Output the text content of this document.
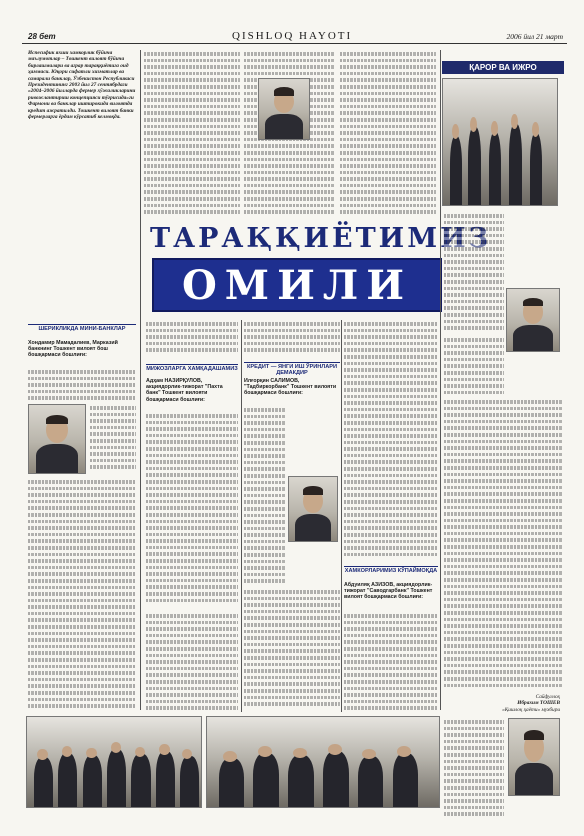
28 бет	QISHLOQ HAYOTI	2006 йил 21 март
Испесифик яхши хамкорлик бўйича маълумотлар – Тошкент вилоят бўйича бирлашмалари ва аграр тараққиётига оид ҳаммаси. Юқори сифатли хизматлар ва самарали банклар, Ўзбекистон Республикаси Президентининг 2003 йил 27 сентябрдаги «2004–2006 йилларда фермер хўжаликларини ривожлантириш концепцияси тўғрисида»ги Фармони ва банклар иштирокида вилоятда кредит ажратилди. Тошкент вилоят банки фермерларга ёрдам кўрсатиб келмоқда.
ҚАРОР ВА ИЖРО
ТАРАҚҚИЁТИМИЗ
ОМИЛИ
Сайфуллоҳ
Ибрахим ТОШЕВ
«Қишлоқ ҳаёти» мухбири
ШЕРИКЛИКДА МИНИ-БАНКЛАР
Хондамир Мамадалиев, Марказий банкнинг Тошкент вилоят бош бошқармаси бошлиғи:
МИЖОЗЛАРГА ХАМҚАДАШАМИЗ
Адҳам НАЗИРҚУЛОВ, акциядорлик-тижорат "Пахта банк" Тошкент вилояти бошқармаси бошлиғи:
КРЕДИТ — ЯНГИ ИШ ЎРИНЛАРИ ДЕМАКДИР
Илғорқин САЛИМОВ, "Тадбиркорбанк" Тошкент вилояти бошқармаси бошлиғи:
ХАМКОРЛАРИМИЗ КЎПАЙМОҚДА
Абдуиляқ АЗИЗОВ, акциядорлик-тижорат "Саводгарбанк" Тошкент вилоят бошқармаси бошлиғи:
